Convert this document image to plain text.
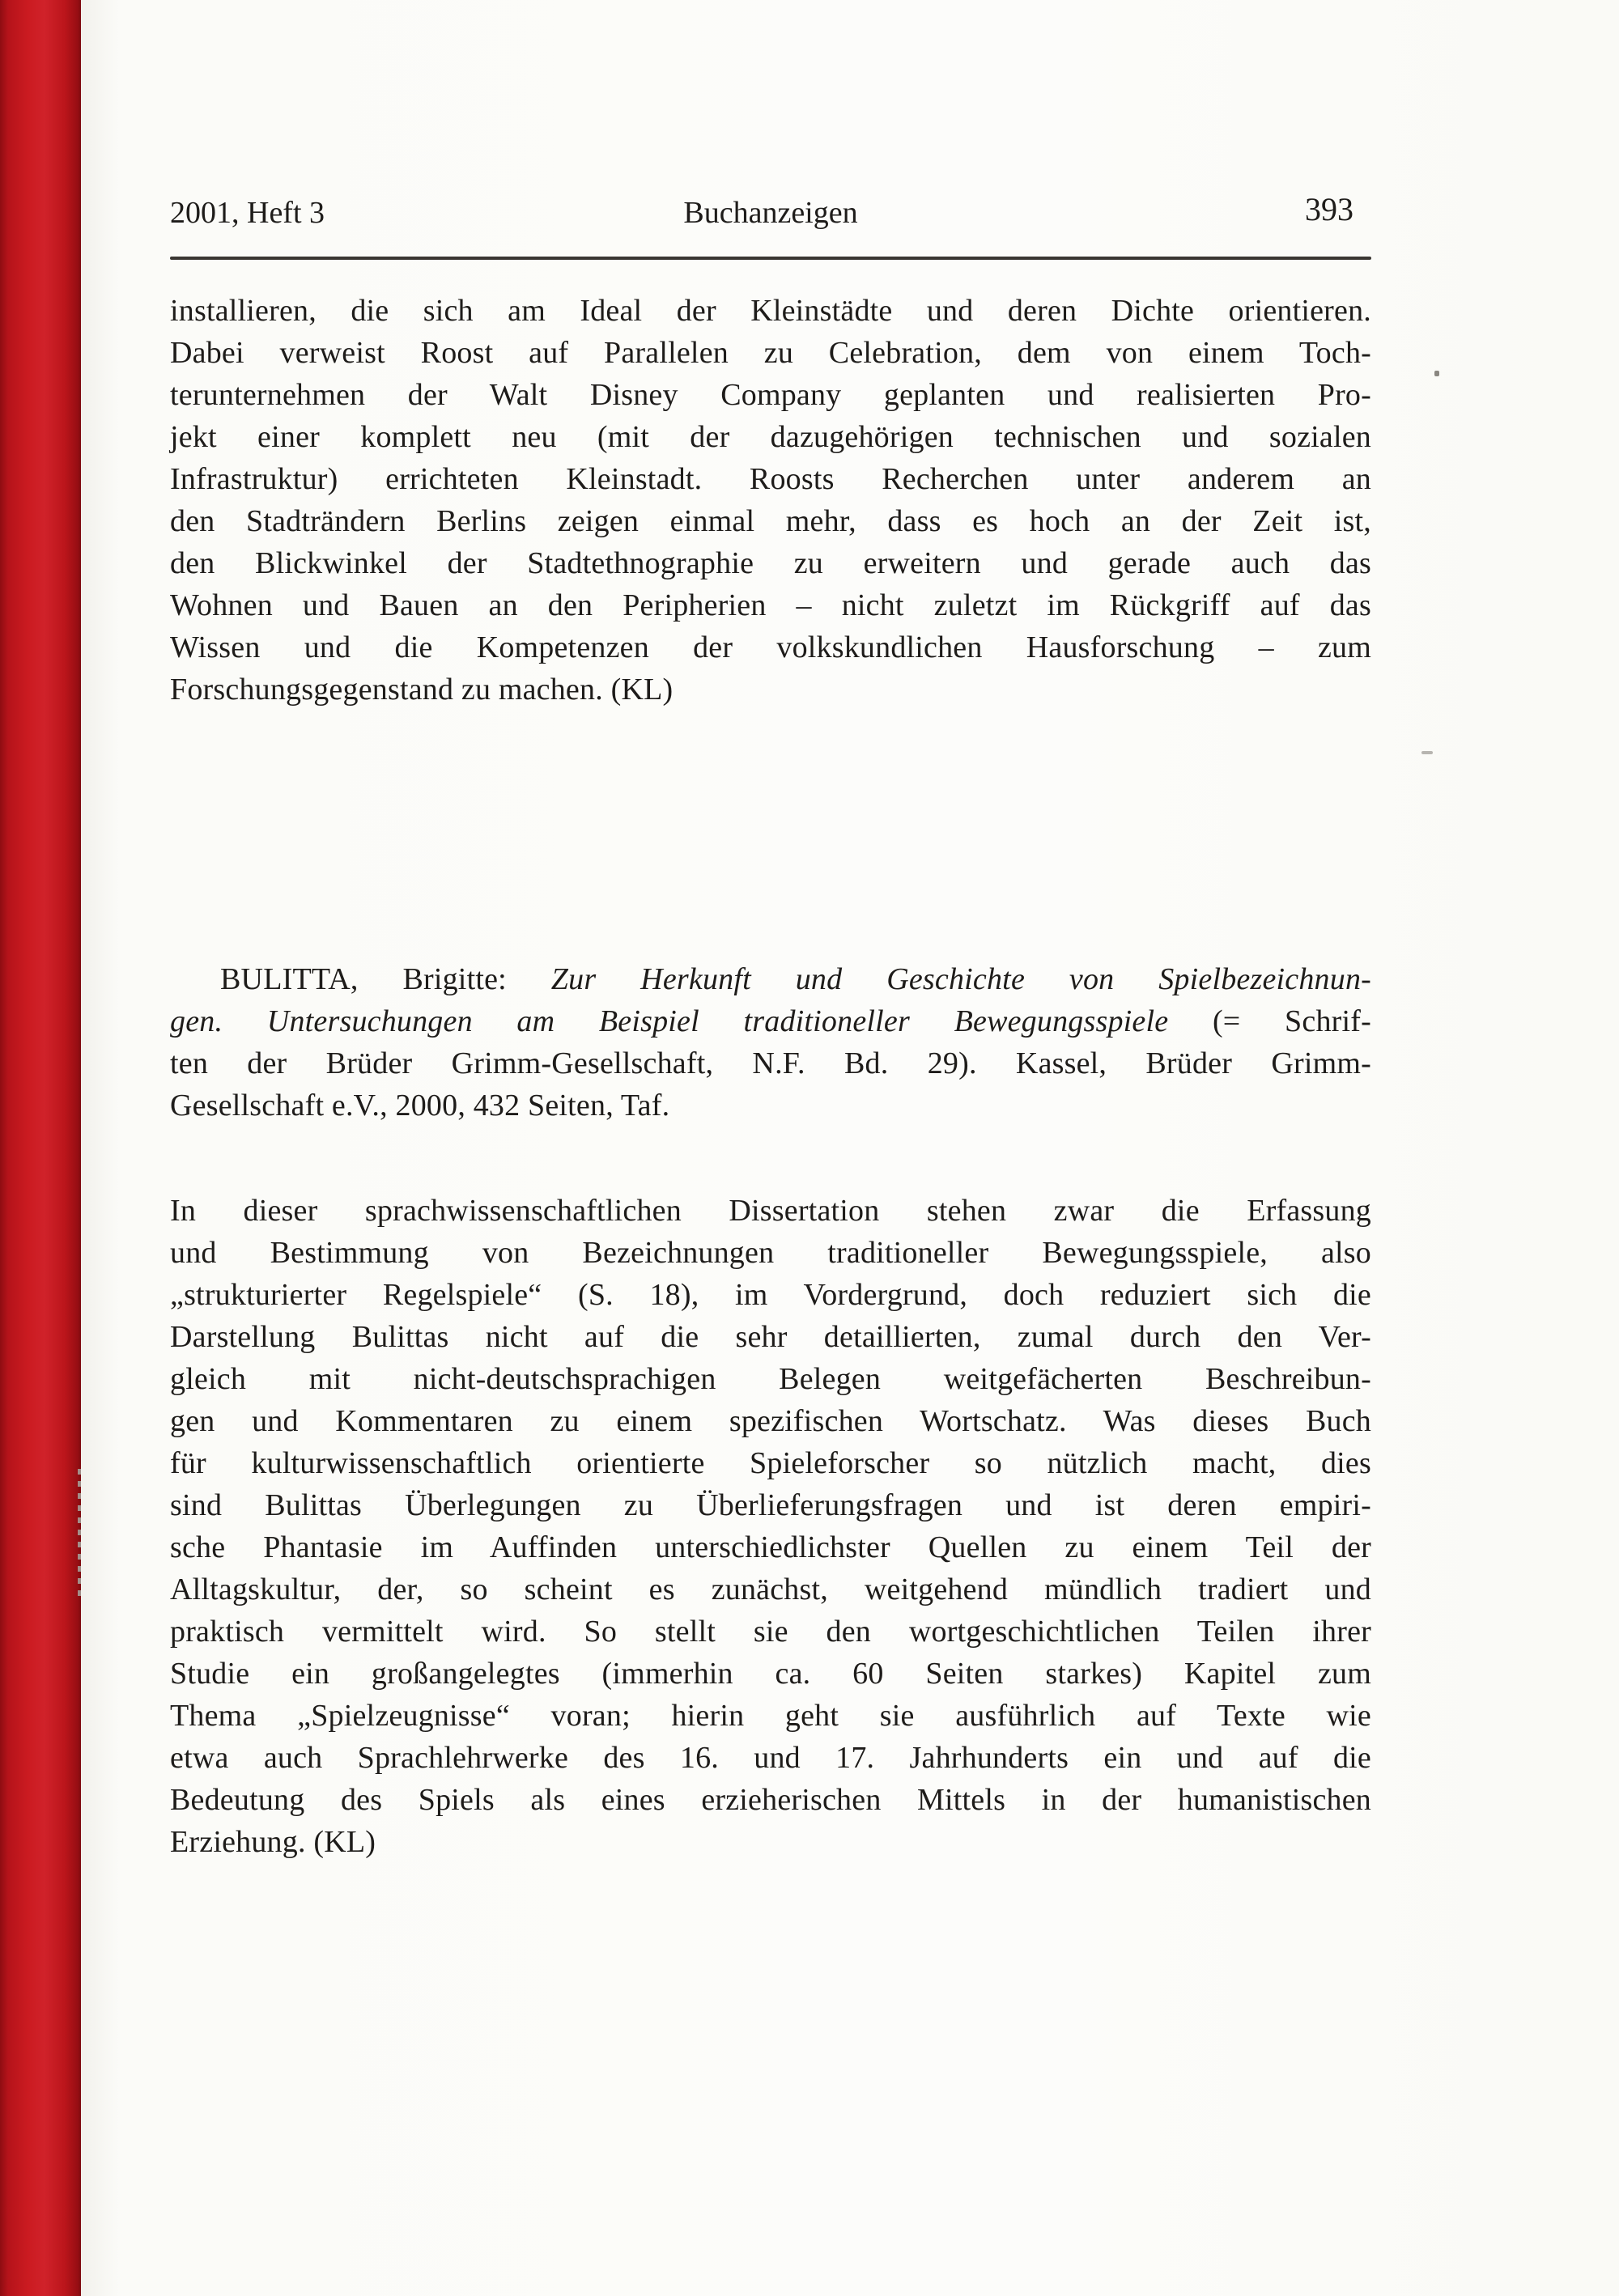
2001, Heft 3	Buchanzeigen	393
installieren, die sich am Ideal der Kleinstädte und deren Dichte orientieren.
Dabei verweist Roost auf Parallelen zu Celebration, dem von einem Toch-
terunternehmen der Walt Disney Company geplanten und realisierten Pro-
jekt einer komplett neu (mit der dazugehörigen technischen und sozialen
Infrastruktur) errichteten Kleinstadt. Roosts Recherchen unter anderem an
den Stadträndern Berlins zeigen einmal mehr, dass es hoch an der Zeit ist,
den Blickwinkel der Stadtethnographie zu erweitern und gerade auch das
Wohnen und Bauen an den Peripherien – nicht zuletzt im Rückgriff auf das
Wissen und die Kompetenzen der volkskundlichen Hausforschung – zum
Forschungsgegenstand zu machen. (KL)
BULITTA, Brigitte: Zur Herkunft und Geschichte von Spielbezeichnun-
gen. Untersuchungen am Beispiel traditioneller Bewegungsspiele (= Schrif-
ten der Brüder Grimm-Gesellschaft, N.F. Bd. 29). Kassel, Brüder Grimm-
Gesellschaft e.V., 2000, 432 Seiten, Taf.
In dieser sprachwissenschaftlichen Dissertation stehen zwar die Erfassung
und Bestimmung von Bezeichnungen traditioneller Bewegungsspiele, also
„strukturierter Regelspiele“ (S. 18), im Vordergrund, doch reduziert sich die
Darstellung Bulittas nicht auf die sehr detaillierten, zumal durch den Ver-
gleich mit nicht-deutschsprachigen Belegen weitgefächerten Beschreibun-
gen und Kommentaren zu einem spezifischen Wortschatz. Was dieses Buch
für kulturwissenschaftlich orientierte Spieleforscher so nützlich macht, dies
sind Bulittas Überlegungen zu Überlieferungsfragen und ist deren empiri-
sche Phantasie im Auffinden unterschiedlichster Quellen zu einem Teil der
Alltagskultur, der, so scheint es zunächst, weitgehend mündlich tradiert und
praktisch vermittelt wird. So stellt sie den wortgeschichtlichen Teilen ihrer
Studie ein großangelegtes (immerhin ca. 60 Seiten starkes) Kapitel zum
Thema „Spielzeugnisse“ voran; hierin geht sie ausführlich auf Texte wie
etwa auch Sprachlehrwerke des 16. und 17. Jahrhunderts ein und auf die
Bedeutung des Spiels als eines erzieherischen Mittels in der humanistischen
Erziehung. (KL)
